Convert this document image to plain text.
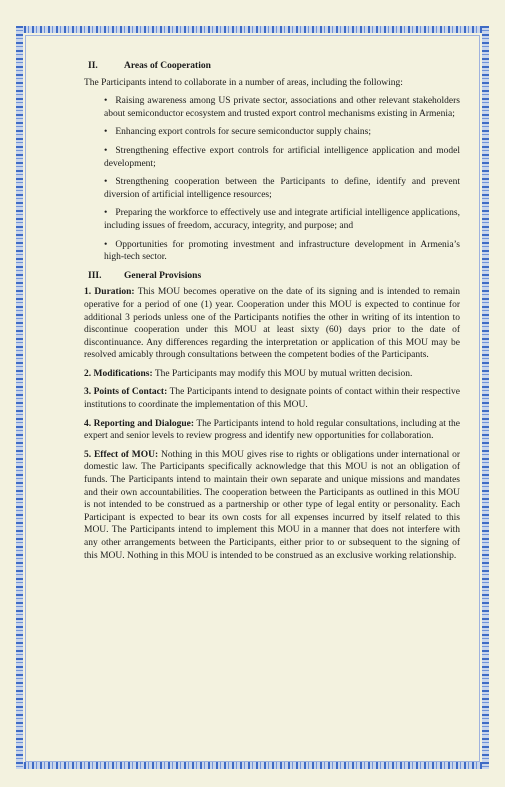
II.	Areas of Cooperation

The Participants intend to collaborate in a number of areas, including the following:

• Raising awareness among US private sector, associations and other relevant stakeholders about semiconductor ecosystem and trusted export control mechanisms existing in Armenia;
• Enhancing export controls for secure semiconductor supply chains;
• Strengthening effective export controls for artificial intelligence application and model development;
• Strengthening cooperation between the Participants to define, identify and prevent diversion of artificial intelligence resources;
• Preparing the workforce to effectively use and integrate artificial intelligence applications, including issues of freedom, accuracy, integrity, and purpose; and
• Opportunities for promoting investment and infrastructure development in Armenia’s high-tech sector.
III.	General Provisions

1. Duration: This MOU becomes operative on the date of its signing and is intended to remain operative for a period of one (1) year. Cooperation under this MOU is expected to continue for additional 3 periods unless one of the Participants notifies the other in writing of its intention to discontinue cooperation under this MOU at least sixty (60) days prior to the date of discontinuance. Any differences regarding the interpretation or application of this MOU may be resolved amicably through consultations between the competent bodies of the Participants.

2. Modifications: The Participants may modify this MOU by mutual written decision.

3. Points of Contact: The Participants intend to designate points of contact within their respective institutions to coordinate the implementation of this MOU.

4. Reporting and Dialogue: The Participants intend to hold regular consultations, including at the expert and senior levels to review progress and identify new opportunities for collaboration.

5. Effect of MOU: Nothing in this MOU gives rise to rights or obligations under international or domestic law. The Participants specifically acknowledge that this MOU is not an obligation of funds. The Participants intend to maintain their own separate and unique missions and mandates and their own accountabilities. The cooperation between the Participants as outlined in this MOU is not intended to be construed as a partnership or other type of legal entity or personality. Each Participant is expected to bear its own costs for all expenses incurred by itself related to this MOU. The Participants intend to implement this MOU in a manner that does not interfere with any other arrangements between the Participants, either prior to or subsequent to the signing of this MOU. Nothing in this MOU is intended to be construed as an exclusive working relationship.
